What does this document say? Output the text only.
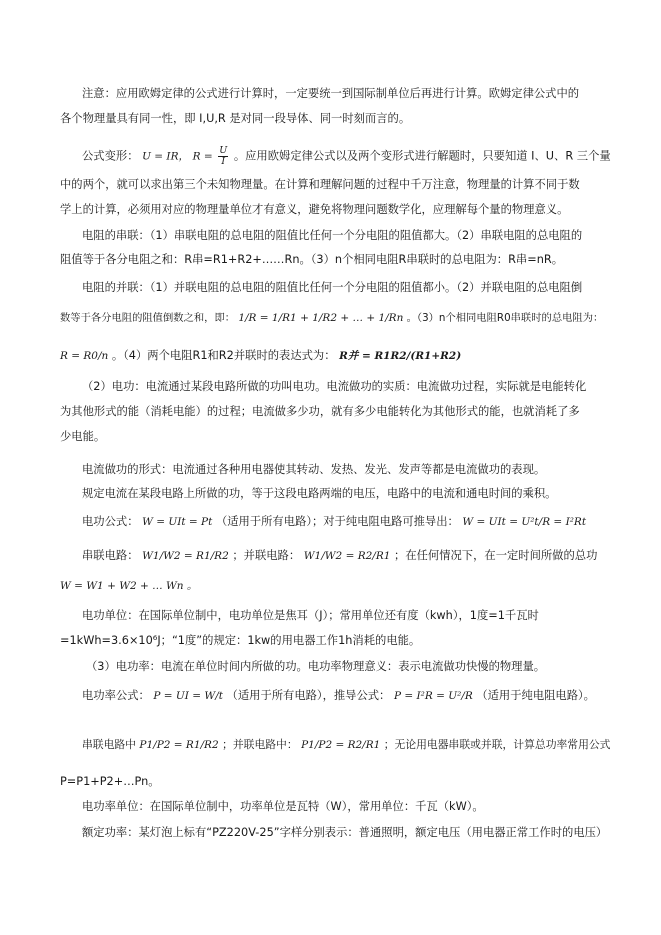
注意：应用欧姆定律的公式进行计算时，一定要统一到国际制单位后再进行计算。欧姆定律公式中的
各个物理量具有同一性，即 I,U,R 是对同一段导体、同一时刻而言的。
公式变形： U = IR， $R = \frac{U}{I}$ 。应用欧姆定律公式以及两个变形式进行解题时，只要知道 I、U、R 三个量
中的两个，就可以求出第三个未知物理量。在计算和理解问题的过程中千万注意，物理量的计算不同于数
学上的计算，必须用对应的物理量单位才有意义，避免将物理问题数学化，应理解每个量的物理意义。
电阻的串联：（1）串联电阻的总电阻的阻值比任何一个分电阻的阻值都大。（2）串联电阻的总电阻的
阻值等于各分电阻之和：R串=R1+R2+……Rn。（3）n个相同电阻R串联时的总电阻为：R串=nR。
电阻的并联：（1）并联电阻的总电阻的阻值比任何一个分电阻的阻值都小。（2）并联电阻的总电阻倒
数等于各分电阻的阻值倒数之和，即： 1/R = 1/R1 + 1/R2 + … + 1/Rn 。（3）n个相同电阻R0串联时的总电阻为：
R = R0/n 。（4）两个电阻R1和R2并联时的表达式为： R并 = R1R2/(R1+R2)
（2）电功：电流通过某段电路所做的功叫电功。电流做功的实质：电流做功过程，实际就是电能转化
为其他形式的能（消耗电能）的过程；电流做多少功，就有多少电能转化为其他形式的能，也就消耗了多
少电能。
电流做功的形式：电流通过各种用电器使其转动、发热、发光、发声等都是电流做功的表现。
规定电流在某段电路上所做的功，等于这段电路两端的电压，电路中的电流和通电时间的乘积。
电功公式： W = UIt = Pt （适用于所有电路）；对于纯电阻电路可推导出： W = UIt = U²t/R = I²Rt
串联电路： W1/W2 = R1/R2 ；并联电路： W1/W2 = R2/R1 ；在任何情况下，在一定时间所做的总功
W = W1 + W2 + … Wn 。
电功单位：在国际单位制中，电功单位是焦耳（J）；常用单位还有度（kwh），1度=1千瓦时
=1kWh=3.6×10⁶J；“1度”的规定：1kw的用电器工作1h消耗的电能。
（3）电功率：电流在单位时间内所做的功。电功率物理意义：表示电流做功快慢的物理量。
电功率公式： P = UI = W/t （适用于所有电路），推导公式： P = I²R = U²/R （适用于纯电阻电路）。
串联电路中 P1/P2 = R1/R2 ；并联电路中： P1/P2 = R2/R1 ；无论用电器串联或并联，计算总功率常用公式
P=P1+P2+…Pn。
电功率单位：在国际单位制中，功率单位是瓦特（W），常用单位：千瓦（kW）。
额定功率：某灯泡上标有“PZ220V-25”字样分别表示：普通照明，额定电压（用电器正常工作时的电压）
